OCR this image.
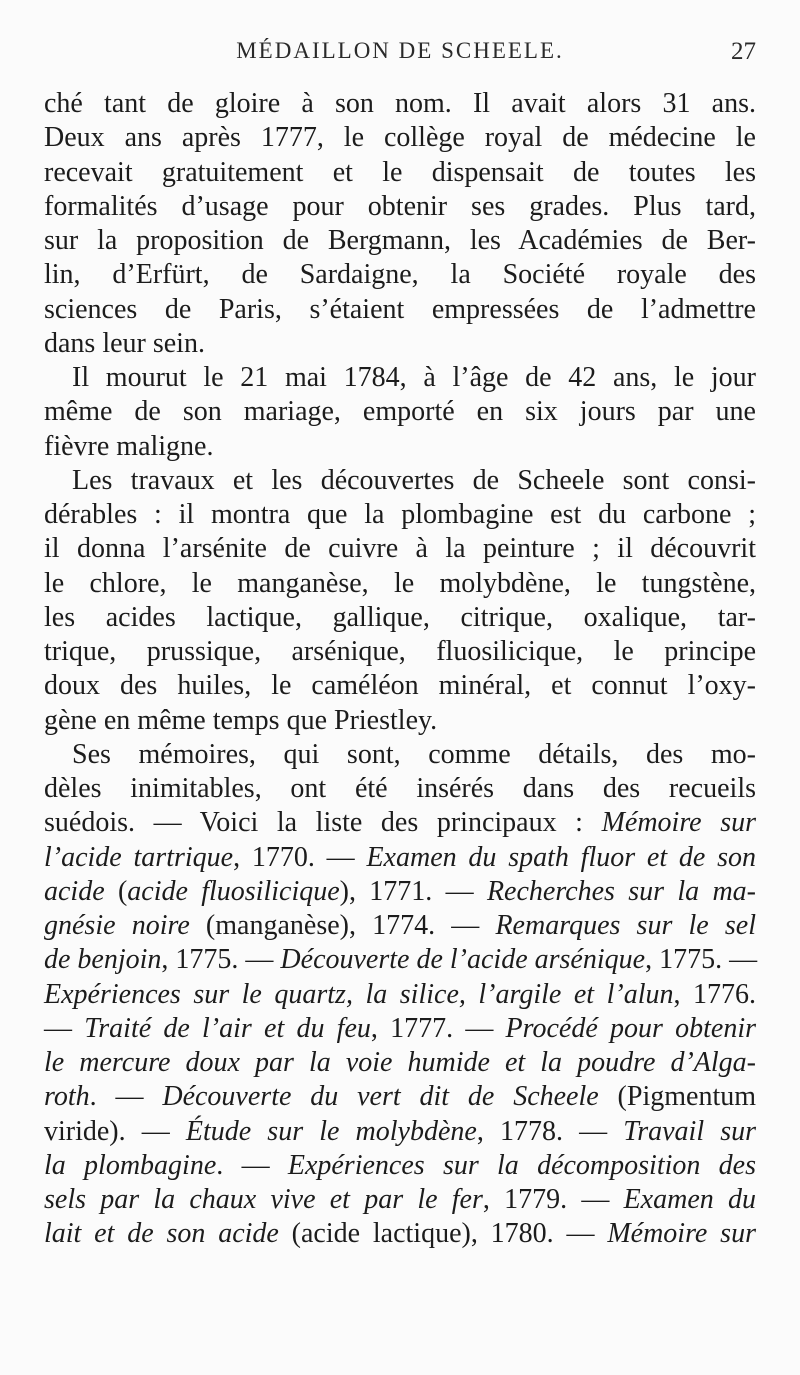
MÉDAILLON DE SCHEELE.	27
ché tant de gloire à son nom. Il avait alors 31 ans.
Deux ans après 1777, le collège royal de médecine le
recevait gratuitement et le dispensait de toutes les
formalités d’usage pour obtenir ses grades. Plus tard,
sur la proposition de Bergmann, les Académies de Ber-
lin, d’Erfürt, de Sardaigne, la Société royale des
sciences de Paris, s’étaient empressées de l’admettre
dans leur sein.
Il mourut le 21 mai 1784, à l’âge de 42 ans, le jour
même de son mariage, emporté en six jours par une
fièvre maligne.
Les travaux et les découvertes de Scheele sont consi-
dérables : il montra que la plombagine est du carbone ;
il donna l’arsénite de cuivre à la peinture ; il découvrit
le chlore, le manganèse, le molybdène, le tungstène,
les acides lactique, gallique, citrique, oxalique, tar-
trique, prussique, arsénique, fluosilicique, le principe
doux des huiles, le caméléon minéral, et connut l’oxy-
gène en même temps que Priestley.
Ses mémoires, qui sont, comme détails, des mo-
dèles inimitables, ont été insérés dans des recueils
suédois. — Voici la liste des principaux : Mémoire sur
l’acide tartrique, 1770. — Examen du spath fluor et de son
acide (acide fluosilicique), 1771. — Recherches sur la ma-
gnésie noire (manganèse), 1774. — Remarques sur le sel
de benjoin, 1775. — Découverte de l’acide arsénique, 1775. —
Expériences sur le quartz, la silice, l’argile et l’alun, 1776.
— Traité de l’air et du feu, 1777. — Procédé pour obtenir
le mercure doux par la voie humide et la poudre d’Alga-
roth. — Découverte du vert dit de Scheele (Pigmentum
viride). — Étude sur le molybdène, 1778. — Travail sur
la plombagine. — Expériences sur la décomposition des
sels par la chaux vive et par le fer, 1779. — Examen du
lait et de son acide (acide lactique), 1780. — Mémoire sur
